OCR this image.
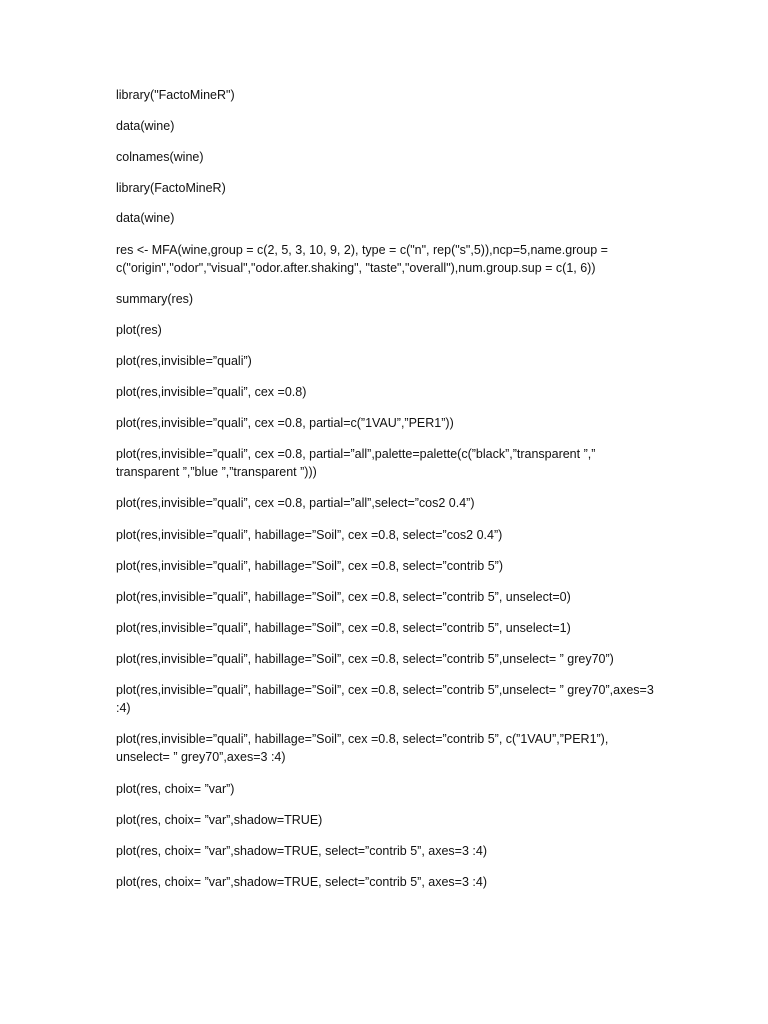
library("FactoMineR")

data(wine)

colnames(wine)

library(FactoMineR)

data(wine)

res <- MFA(wine,group = c(2, 5, 3, 10, 9, 2), type = c("n", rep("s",5)),ncp=5,name.group = c("origin","odor","visual","odor.after.shaking", "taste","overall"),num.group.sup = c(1, 6))

summary(res)

plot(res)

plot(res,invisible=”quali”)

plot(res,invisible=”quali”, cex =0.8)

plot(res,invisible=”quali”, cex =0.8, partial=c(”1VAU”,”PER1”))

plot(res,invisible=”quali”, cex =0.8, partial=”all”,palette=palette(c(”black”,”transparent ”,” transparent ”,”blue ”,”transparent ”)))

plot(res,invisible=”quali”, cex =0.8, partial=”all”,select=”cos2 0.4”)

plot(res,invisible=”quali”, habillage=”Soil”, cex =0.8, select=”cos2 0.4”)

plot(res,invisible=”quali”, habillage=”Soil”, cex =0.8, select=”contrib 5”)

plot(res,invisible=”quali”, habillage=”Soil”, cex =0.8, select=”contrib 5”, unselect=0)

plot(res,invisible=”quali”, habillage=”Soil”, cex =0.8, select=”contrib 5”, unselect=1)

plot(res,invisible=”quali”, habillage=”Soil”, cex =0.8, select=”contrib 5”,unselect= ” grey70”)

plot(res,invisible=”quali”, habillage=”Soil”, cex =0.8, select=”contrib 5”,unselect= ” grey70”,axes=3 :4)

plot(res,invisible=”quali”, habillage=”Soil”, cex =0.8, select=”contrib 5”, c(”1VAU”,”PER1”), unselect= ” grey70”,axes=3 :4)

plot(res, choix= ”var”)

plot(res, choix= ”var”,shadow=TRUE)

plot(res, choix= ”var”,shadow=TRUE, select=”contrib 5”, axes=3 :4)

plot(res, choix= ”var”,shadow=TRUE, select=”contrib 5”, axes=3 :4)
